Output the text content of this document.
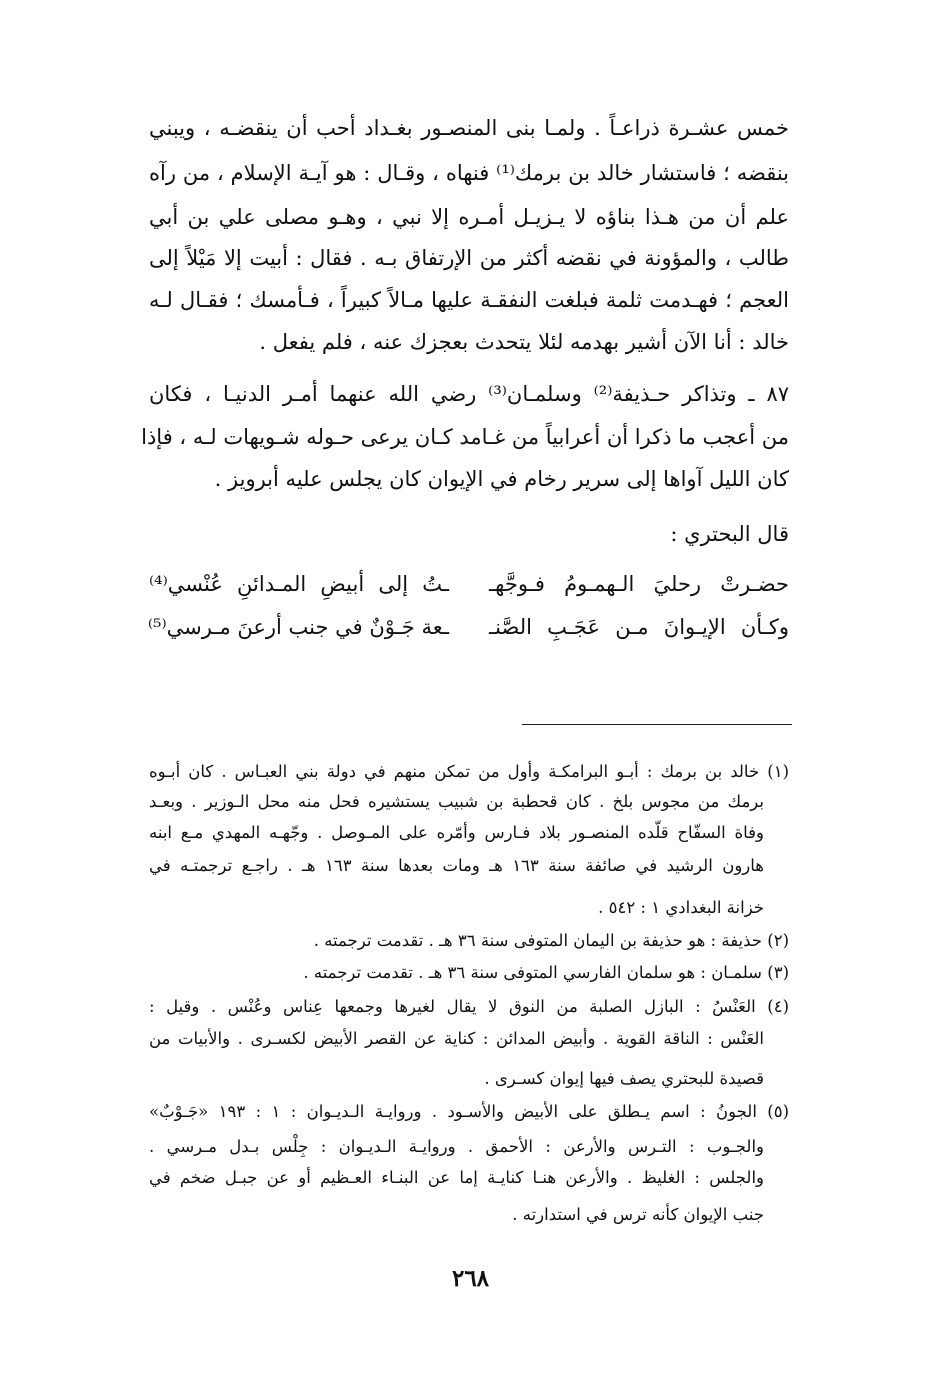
خمس عشـرة ذراعـاً . ولمـا بنى المنصـور بغـداد أحب أن ينقضـه ، ويبني
بنقضه ؛ فاستشار خالد بن برمك⁽¹⁾ فنهاه ، وقـال : هو آيـة الإسلام ، من رآه
علم أن من هـذا بناؤه لا يـزيـل أمـره إلا نبي ، وهـو مصلى علي بن أبي
طالب ، والمؤونة في نقضه أكثر من الإرتفاق بـه . فقال : أبيت إلا مَيْلاً إلى
العجم ؛ فهـدمت ثلمة فبلغت النفقـة عليها مـالاً كبيراً ، فـأمسك ؛ فقـال لـه
خالد : أنا الآن أشير بهدمه لئلا يتحدث بعجزك عنه ، فلم يفعل .
٨٧ ـ وتذاكر حـذيفة⁽²⁾ وسلمـان⁽³⁾ رضي الله عنهما أمـر الدنيـا ، فكان
من أعجب ما ذكرا أن أعرابياً من غـامد كـان يرعى حـوله شـويهات لـه ، فإذا
كان الليل آواها إلى سرير رخام في الإيوان كان يجلس عليه أبرويز .
قال البحتري :
حضـرتْ رحليَ الـهمـومُ فـوجَّهـ
ـتُ إلى أبيضِ المـدائنِ عُنْسي⁽⁴⁾
وكـأن الإيـوانَ مـن عَجَـبِ الصَّنـ
ـعة جَـوْنٌ في جنب أرعنَ مـرسي⁽⁵⁾
(١) خالد بن برمك : أبـو البرامكـة وأول من تمكن منهم في دولة بني العبـاس . كان أبـوه
برمك من مجوس بلخ . كان قحطبة بن شبيب يستشيره فحل منه محل الـوزير . وبعـد
وفاة السفّاح قلّده المنصـور بلاد فـارس وأمّره على المـوصل . وجّهـه المهدي مـع ابنه
هارون الرشيد في صائفة سنة ١٦٣ هـ ومات بعدها سنة ١٦٣ هـ . راجـع ترجمتـه في
خزانة البغدادي ١ : ٥٤٢ .
(٢) حذيفة : هو حذيفة بن اليمان المتوفى سنة ٣٦ هـ . تقدمت ترجمته .
(٣) سلمـان : هو سلمان الفارسي المتوفى سنة ٣٦ هـ . تقدمت ترجمته .
(٤) العَنْسُ : البازل الصلبة من النوق لا يقال لغيرها وجمعها عِناس وعُنْس . وقيل :
العَنْس : الناقة القوية . وأبيض المدائن : كناية عن القصر الأبيض لكسـرى . والأبيات من
قصيدة للبحتري يصف فيها إيوان كسـرى .
(٥) الجونُ : اسم يـطلق على الأبيض والأسـود . وروايـة الـديـوان : ١ : ١٩٣ «جَـوْبٌ»
والجـوب : التـرس والأرعن : الأحمق . وروايـة الـديـوان : جِلْس بـدل مـرسي .
والجلس : الغليظ . والأرعن هنـا كنايـة إما عن البنـاء العـظيم أو عن جبـل ضخم في
جنب الإيوان كأنه ترس في استدارته .
٢٦٨
